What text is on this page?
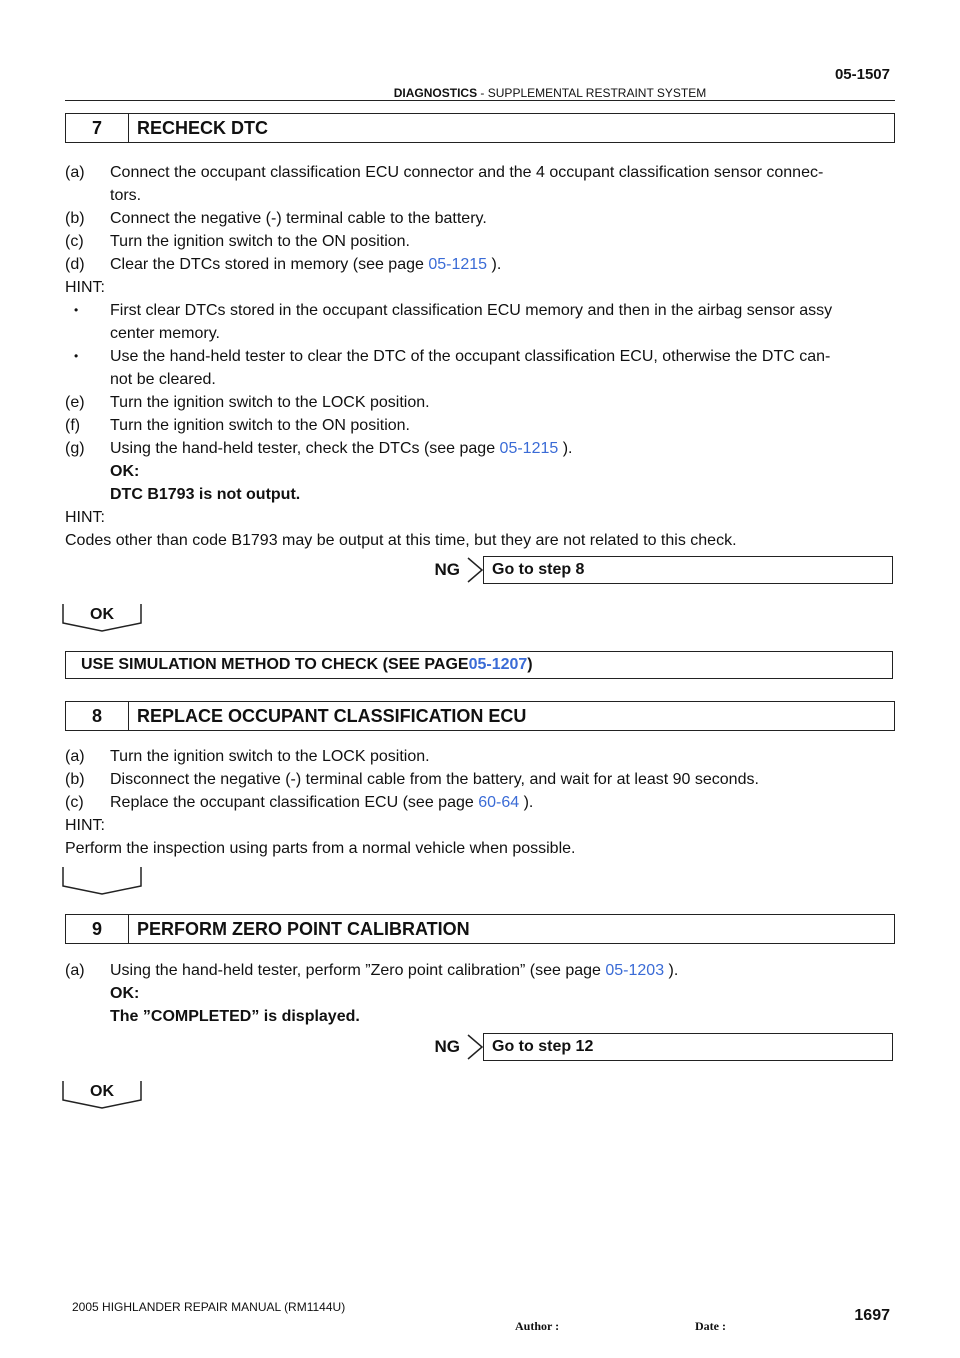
05-1507
DIAGNOSTICS - SUPPLEMENTAL RESTRAINT SYSTEM
7	RECHECK DTC
(a) Connect the occupant classification ECU connector and the 4 occupant classification sensor connec-
tors.
(b) Connect the negative (-) terminal cable to the battery.
(c) Turn the ignition switch to the ON position.
(d) Clear the DTCs stored in memory (see page 05-1215 ).
HINT:
• First clear DTCs stored in the occupant classification ECU memory and then in the airbag sensor assy
center memory.
• Use the hand-held tester to clear the DTC of the occupant classification ECU, otherwise the DTC can-
not be cleared.
(e) Turn the ignition switch to the LOCK position.
(f) Turn the ignition switch to the ON position.
(g) Using the hand-held tester, check the DTCs (see page 05-1215 ).
OK:
DTC B1793 is not output.
HINT:
Codes other than code B1793 may be output at this time, but they are not related to this check.
NG	Go to step 8
OK
USE SIMULATION METHOD TO CHECK (SEE PAGE 05-1207 )
8	REPLACE OCCUPANT CLASSIFICATION ECU
(a) Turn the ignition switch to the LOCK position.
(b) Disconnect the negative (-) terminal cable from the battery, and wait for at least 90 seconds.
(c) Replace the occupant classification ECU (see page 60-64 ).
HINT:
Perform the inspection using parts from a normal vehicle when possible.
9	PERFORM ZERO POINT CALIBRATION
(a) Using the hand-held tester, perform ”Zero point calibration” (see page 05-1203 ).
OK:
The ”COMPLETED” is displayed.
NG	Go to step 12
OK
2005 HIGHLANDER REPAIR MANUAL (RM1144U)
Author :	Date :
1697
